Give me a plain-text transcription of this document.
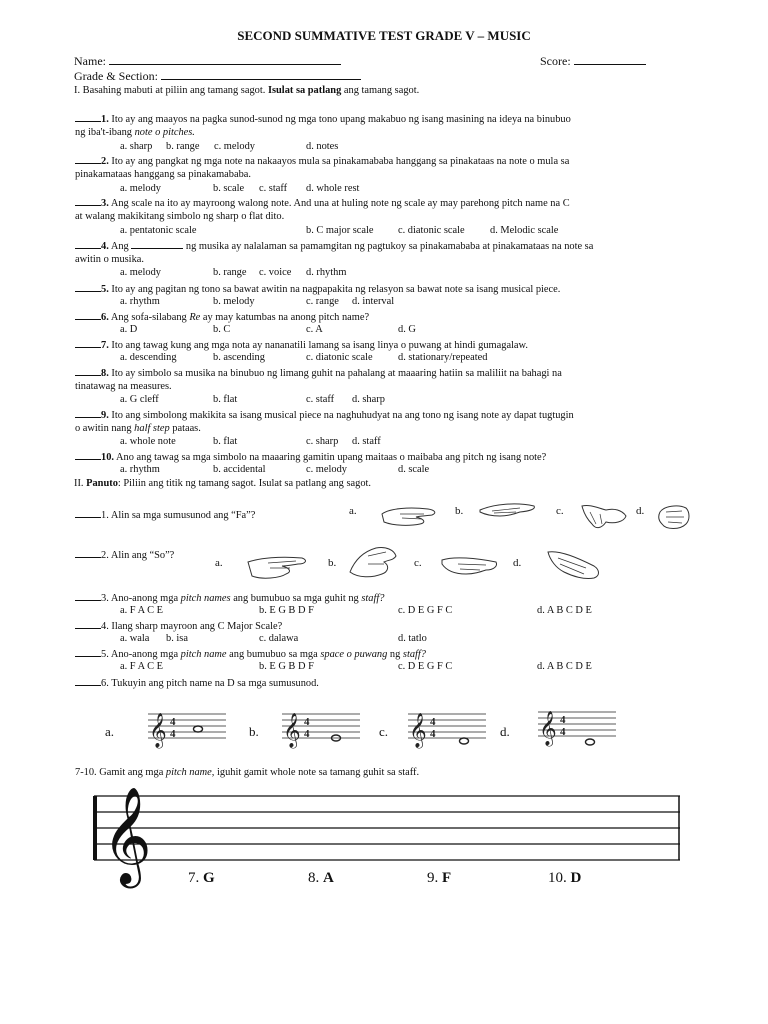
SECOND SUMMATIVE TEST GRADE V – MUSIC
Name:	Score:
Grade & Section:
I. Basahing mabuti at piliin ang tamang sagot. Isulat sa patlang ang tamang sagot.
1. Ito ay ang maayos na pagka sunod-sunod ng mga tono upang makabuo ng isang masining na ideya na binubuo
ng iba't-ibang note o pitches.
a. sharp b. range c. melody	d. notes
2. Ito ay ang pangkat ng mga note na nakaayos mula sa pinakamababa hanggang sa pinakataas na note o mula sa
pinakamataas hanggang sa pinakamababa.
a. melody	b. scale c. staff d. whole rest
3. Ang scale na ito ay mayroong walong note. And una at huling note ng scale ay may parehong pitch name na C
at walang makikitang simbolo ng sharp o flat dito.
a. pentatonic scale	b. C major scale c. diatonic scale d. Melodic scale
4. Ang	ng musika ay nalalaman sa pamamgitan ng pagtukoy sa pinakamababa at pinakamataas na note sa
awitin o musika.
a. melody	b. range c. voice d. rhythm
5. Ito ay ang pagitan ng tono sa bawat awitin na nagpapakita ng relasyon sa bawat note sa isang musical piece.
a. rhythm	b. melody	c. range d. interval
6. Ang sofa-silabang Re ay may katumbas na anong pitch name?
a. D	b. C	c. A	d. G
7. Ito ang tawag kung ang mga nota ay nananatili lamang sa isang linya o puwang at hindi gumagalaw.
a. descending	b. ascending	c. diatonic scale d. stationary/repeated
8. Ito ay simbolo sa musika na binubuo ng limang guhit na pahalang at maaaring hatiin sa maliliit na bahagi na
tinatawag na measures.
a. G cleff	b. flat	c. staff d. sharp
9. Ito ang simbolong makikita sa isang musical piece na naghuhudyat na ang tono ng isang note ay dapat tugtugin
o awitin nang half step pataas.
a. whole note	b. flat	c. sharp d. staff
10. Ano ang tawag sa mga simbolo na maaaring gamitin upang maitaas o maibaba ang pitch ng isang note?
a. rhythm	b. accidental	c. melody	d. scale
II. Panuto: Piliin ang titik ng tamang sagot. Isulat sa patlang ang sagot.
1. Alin sa mga sumusunod ang “Fa”?	a.	b.	c.	d.
2. Alin ang “So”?
a.	b.	c.	d.
3. Ano-anong mga pitch names ang bumubuo sa mga guhit ng staff?
a. F A C E	b. E G B D F	c. D E G F C	d. A B C D E
4. Ilang sharp mayroon ang C Major Scale?
a. wala b. isa	c. dalawa	d. tatlo
5. Ano-anong mga pitch name ang bumubuo sa mga space o puwang ng staff?
a. F A C E	b. E G B D F	c. D E G F C	d. A B C D E
6. Tukuyin ang pitch name na D sa mga sumusunod.
a.	b.	c.	d.
𝄞 4
4	𝄞 4
4	𝄞 4
4	𝄞 4
4
7-10. Gamit ang mga pitch name, iguhit gamit whole note sa tamang guhit sa staff.
𝄞 7. G	8. A	9. F	10. D
